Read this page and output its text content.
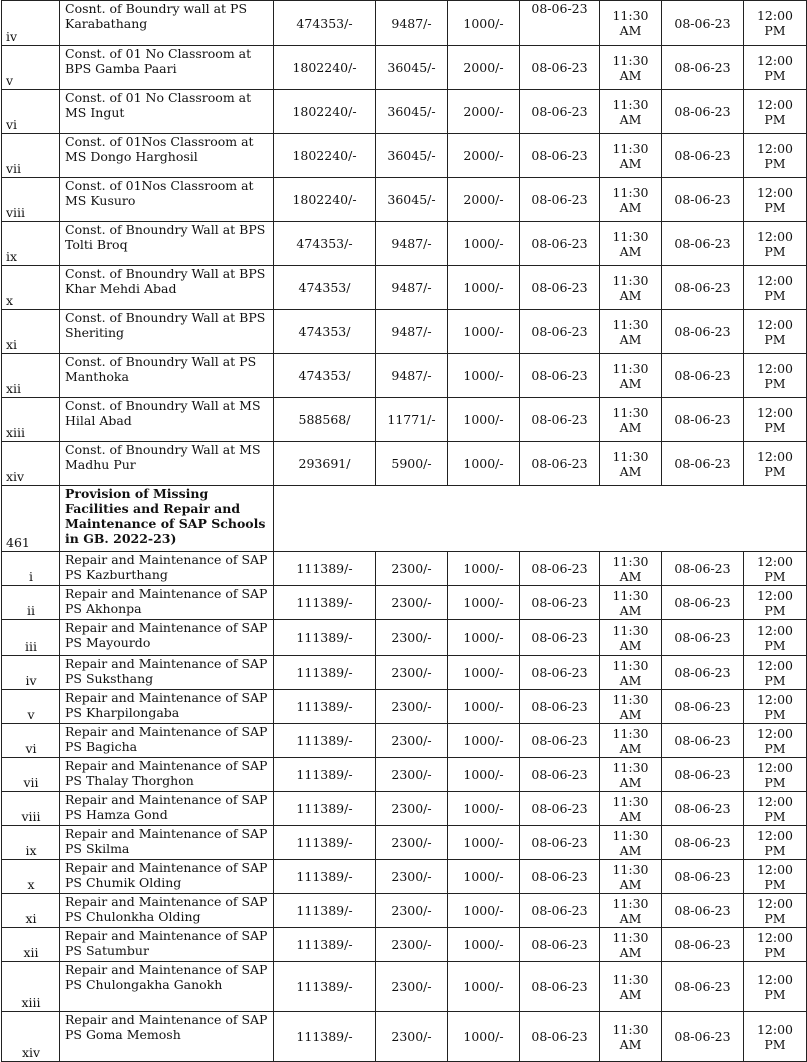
iv	Cosnt. of Boundry wall at PS Karabathang	474353/-	9487/-	1000/-	08-06-23	11:30 AM	08-06-23	12:00 PM
v	Const. of 01 No Classroom at BPS Gamba Paari	1802240/-	36045/-	2000/-	08-06-23	11:30 AM	08-06-23	12:00 PM
vi	Const. of 01 No Classroom at MS Ingut	1802240/-	36045/-	2000/-	08-06-23	11:30 AM	08-06-23	12:00 PM
vii	Const. of 01Nos Classroom at MS Dongo Harghosil	1802240/-	36045/-	2000/-	08-06-23	11:30 AM	08-06-23	12:00 PM
viii	Const. of 01Nos Classroom at MS Kusuro	1802240/-	36045/-	2000/-	08-06-23	11:30 AM	08-06-23	12:00 PM
ix	Const. of Bnoundry Wall at BPS Tolti Broq	474353/-	9487/-	1000/-	08-06-23	11:30 AM	08-06-23	12:00 PM
x	Const. of Bnoundry Wall at BPS Khar Mehdi Abad	474353/	9487/-	1000/-	08-06-23	11:30 AM	08-06-23	12:00 PM
xi	Const. of Bnoundry Wall at BPS Sheriting	474353/	9487/-	1000/-	08-06-23	11:30 AM	08-06-23	12:00 PM
xii	Const. of Bnoundry Wall at PS Manthoka	474353/	9487/-	1000/-	08-06-23	11:30 AM	08-06-23	12:00 PM
xiii	Const. of Bnoundry Wall at MS Hilal Abad	588568/	11771/-	1000/-	08-06-23	11:30 AM	08-06-23	12:00 PM
xiv	Const. of Bnoundry Wall at MS Madhu Pur	293691/	5900/-	1000/-	08-06-23	11:30 AM	08-06-23	12:00 PM
461	Provision of Missing Facilities and Repair and Maintenance of SAP Schools in GB. 2022-23)							
i	Repair and Maintenance of SAP PS Kazburthang	111389/-	2300/-	1000/-	08-06-23	11:30 AM	08-06-23	12:00 PM
ii	Repair and Maintenance of SAP PS Akhonpa	111389/-	2300/-	1000/-	08-06-23	11:30 AM	08-06-23	12:00 PM
iii	Repair and Maintenance of SAP PS Mayourdo	111389/-	2300/-	1000/-	08-06-23	11:30 AM	08-06-23	12:00 PM
iv	Repair and Maintenance of SAP PS Suksthang	111389/-	2300/-	1000/-	08-06-23	11:30 AM	08-06-23	12:00 PM
v	Repair and Maintenance of SAP PS Kharpilongaba	111389/-	2300/-	1000/-	08-06-23	11:30 AM	08-06-23	12:00 PM
vi	Repair and Maintenance of SAP PS Bagicha	111389/-	2300/-	1000/-	08-06-23	11:30 AM	08-06-23	12:00 PM
vii	Repair and Maintenance of SAP PS Thalay Thorghon	111389/-	2300/-	1000/-	08-06-23	11:30 AM	08-06-23	12:00 PM
viii	Repair and Maintenance of SAP PS Hamza Gond	111389/-	2300/-	1000/-	08-06-23	11:30 AM	08-06-23	12:00 PM
ix	Repair and Maintenance of SAP PS Skilma	111389/-	2300/-	1000/-	08-06-23	11:30 AM	08-06-23	12:00 PM
x	Repair and Maintenance of SAP PS Chumik Olding	111389/-	2300/-	1000/-	08-06-23	11:30 AM	08-06-23	12:00 PM
xi	Repair and Maintenance of SAP PS Chulonkha Olding	111389/-	2300/-	1000/-	08-06-23	11:30 AM	08-06-23	12:00 PM
xii	Repair and Maintenance of SAP PS Satumbur	111389/-	2300/-	1000/-	08-06-23	11:30 AM	08-06-23	12:00 PM
xiii	Repair and Maintenance of SAP PS Chulongakha Ganokh	111389/-	2300/-	1000/-	08-06-23	11:30 AM	08-06-23	12:00 PM
xiv	Repair and Maintenance of SAP PS Goma Memosh	111389/-	2300/-	1000/-	08-06-23	11:30 AM	08-06-23	12:00 PM
